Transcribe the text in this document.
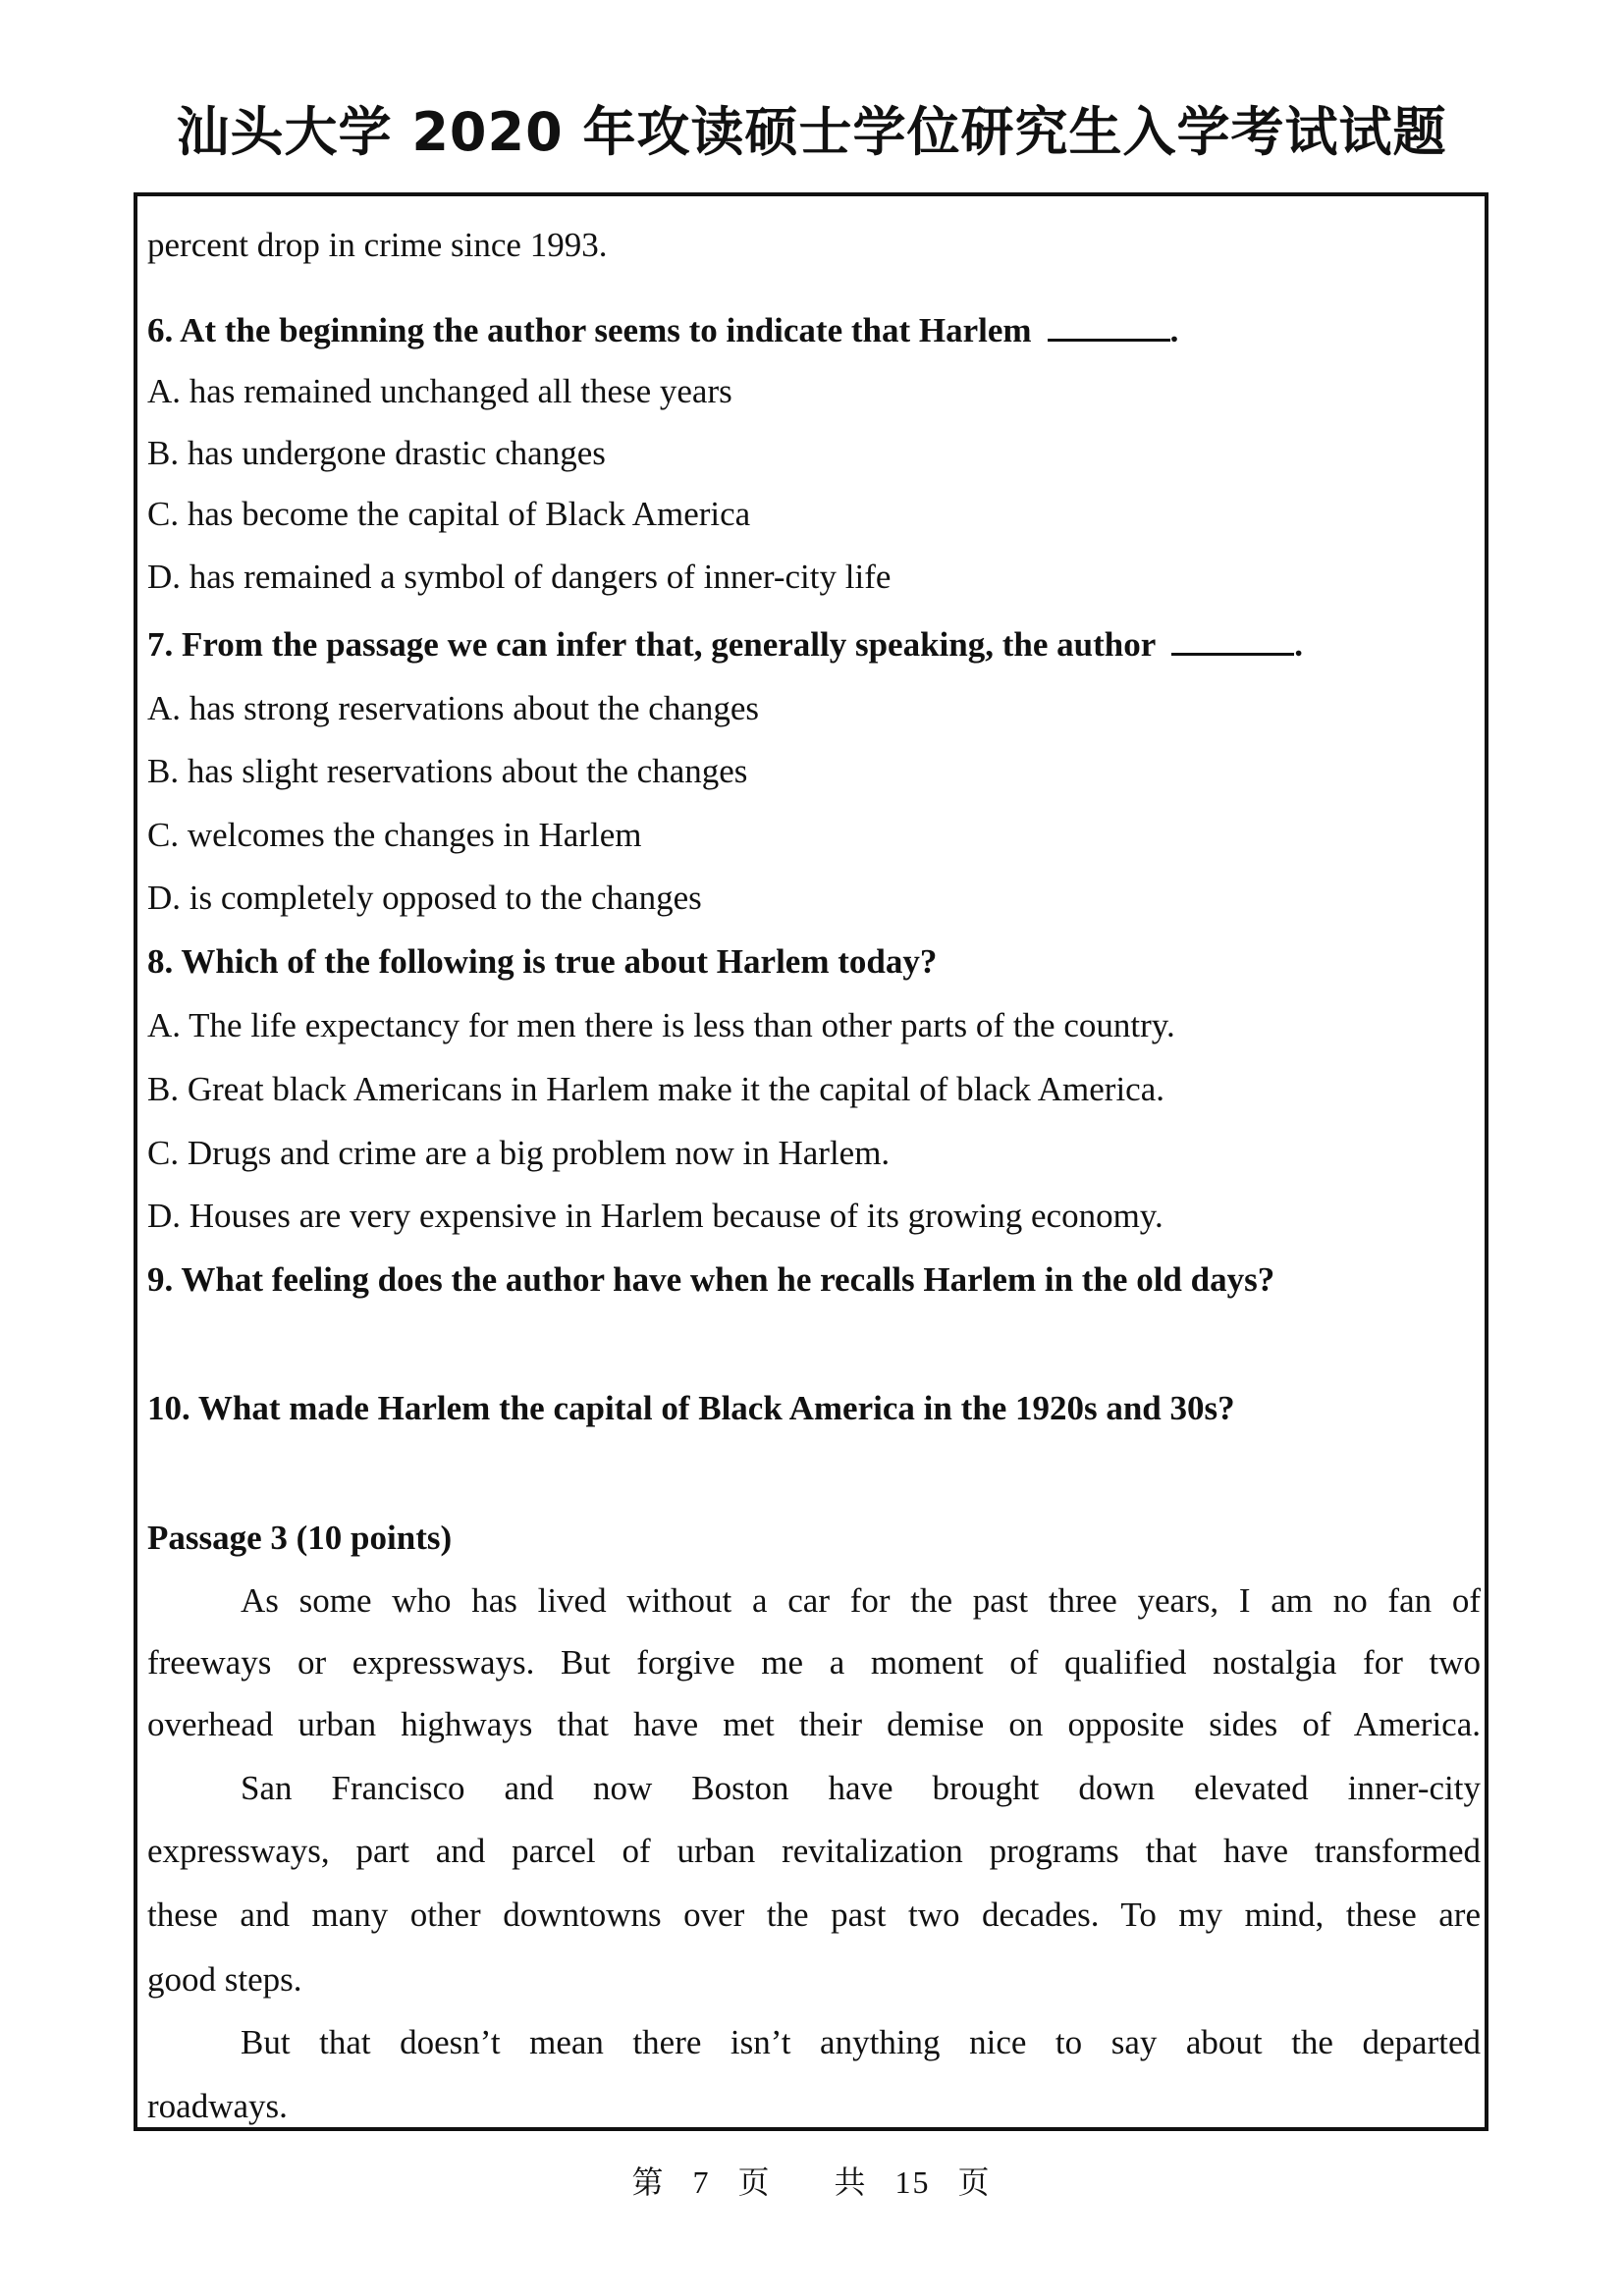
汕头大学 2020 年攻读硕士学位研究生入学考试试题
percent drop in crime since 1993.
6. At the beginning the author seems to indicate that Harlem	.
A. has remained unchanged all these years
B. has undergone drastic changes
C. has become the capital of Black America
D. has remained a symbol of dangers of inner-city life
7. From the passage we can infer that, generally speaking, the author	.
A. has strong reservations about the changes
B. has slight reservations about the changes
C. welcomes the changes in Harlem
D. is completely opposed to the changes
8. Which of the following is true about Harlem today?
A. The life expectancy for men there is less than other parts of the country.
B. Great black Americans in Harlem make it the capital of black America.
C. Drugs and crime are a big problem now in Harlem.
D. Houses are very expensive in Harlem because of its growing economy.
9. What feeling does the author have when he recalls Harlem in the old days?
10. What made Harlem the capital of Black America in the 1920s and 30s?
Passage 3 (10 points)
As some who has lived without a car for the past three years, I am no fan of
freeways or expressways. But forgive me a moment of qualified nostalgia for two
overhead urban highways that have met their demise on opposite sides of America.
San Francisco and now Boston have brought down elevated inner-city
expressways, part and parcel of urban revitalization programs that have transformed
these and many other downtowns over the past two decades. To my mind, these are
good steps.
But that doesn’t mean there isn’t anything nice to say about the departed
roadways.
第 7 页 共 15 页
